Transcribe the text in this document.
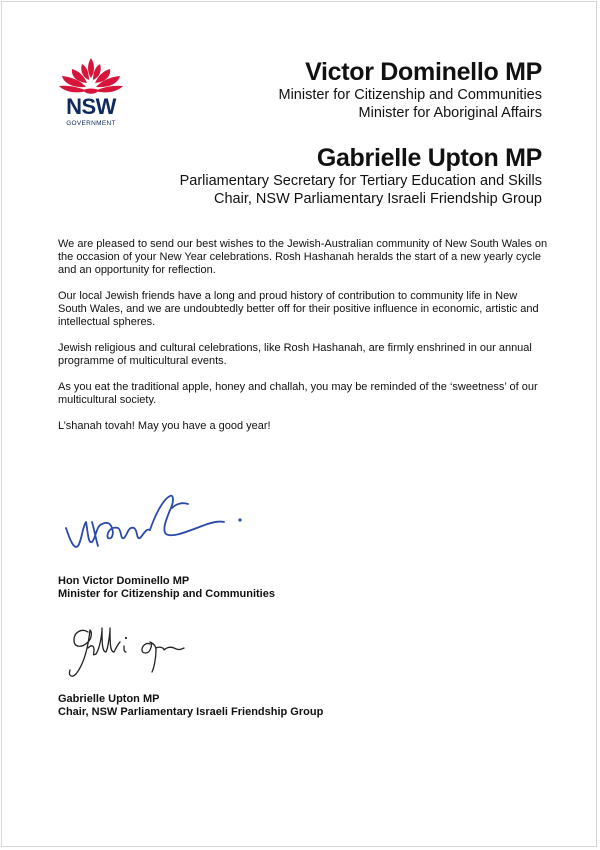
NSW
GOVERNMENT
Victor Dominello MP
Minister for Citizenship and Communities
Minister for Aboriginal Affairs
Gabrielle Upton MP
Parliamentary Secretary for Tertiary Education and Skills
Chair, NSW Parliamentary Israeli Friendship Group

We are pleased to send our best wishes to the Jewish-Australian community of New South Wales on the occasion of your New Year celebrations. Rosh Hashanah heralds the start of a new yearly cycle and an opportunity for reflection.

Our local Jewish friends have a long and proud history of contribution to community life in New South Wales, and we are undoubtedly better off for their positive influence in economic, artistic and intellectual spheres.

Jewish religious and cultural celebrations, like Rosh Hashanah, are firmly enshrined in our annual programme of multicultural events.

As you eat the traditional apple, honey and challah, you may be reminded of the ‘sweetness’ of our multicultural society.

L’shanah tovah! May you have a good year!

Hon Victor Dominello MP
Minister for Citizenship and Communities
Gabrielle Upton MP
Chair, NSW Parliamentary Israeli Friendship Group
